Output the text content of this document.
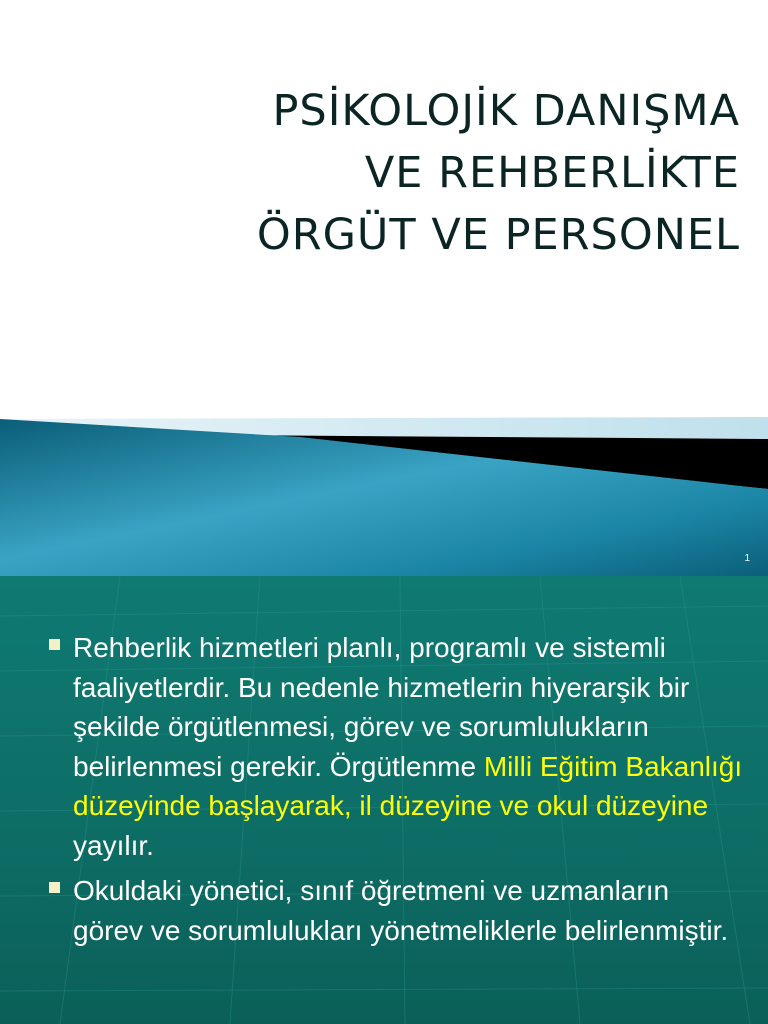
PSİKOLOJİK DANIŞMA
VE REHBERLİKTE
ÖRGÜT VE PERSONEL
1
Rehberlik hizmetleri planlı, programlı ve sistemli faaliyetlerdir. Bu nedenle hizmetlerin hiyerarşik bir şekilde örgütlenmesi, görev ve sorumlulukların belirlenmesi gerekir. Örgütlenme Milli Eğitim Bakanlığı düzeyinde başlayarak, il düzeyine ve okul düzeyine yayılır.
Okuldaki yönetici, sınıf öğretmeni ve uzmanların görev ve sorumlulukları yönetmeliklerle belirlenmiştir.
